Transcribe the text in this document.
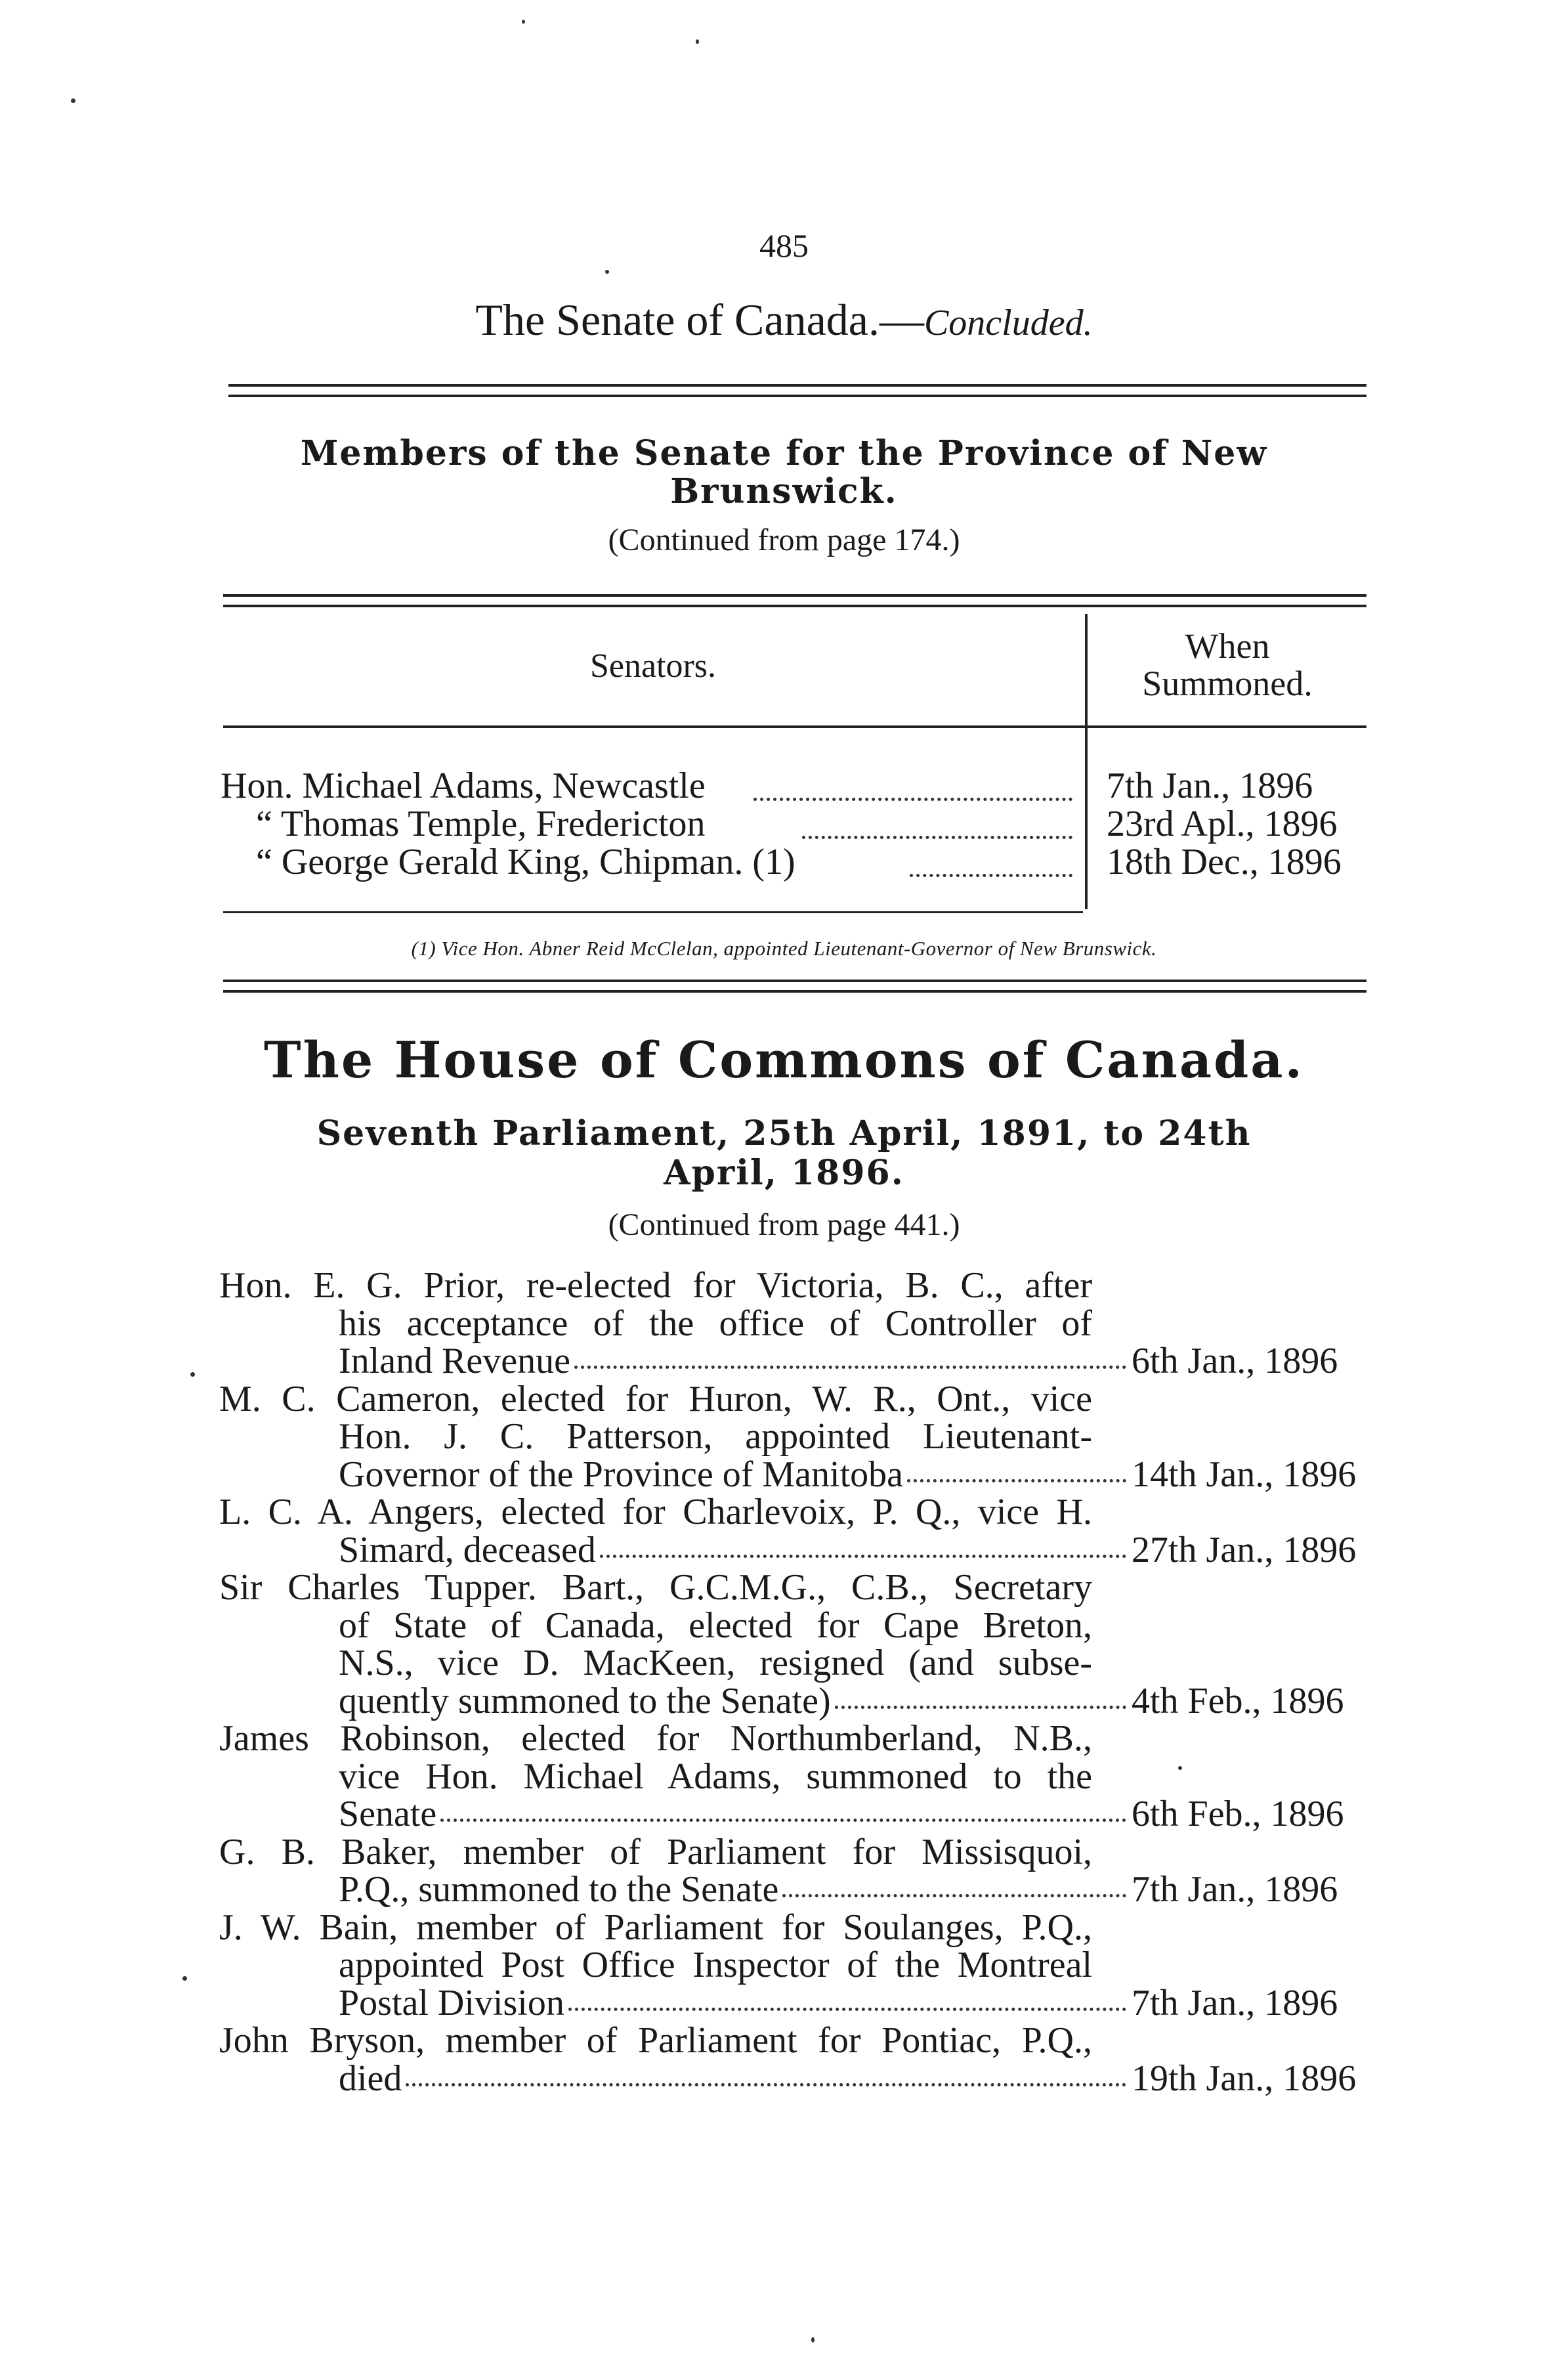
485
The Senate of Canada.—Concluded.
Members of the Senate for the Province of New
Brunswick.
(Continued from page 174.)
Senators.
When
Summoned.
Hon. Michael Adams, Newcastle	7th Jan., 1896
“ Thomas Temple, Fredericton	23rd Apl., 1896
“ George Gerald King, Chipman. (1)	18th Dec., 1896
(1) Vice Hon. Abner Reid McClelan, appointed Lieutenant-Governor of New Brunswick.
The House of Commons of Canada.
Seventh Parliament, 25th April, 1891, to 24th
April, 1896.
(Continued from page 441.)
Hon. E. G. Prior, re-elected for Victoria, B. C., after
his acceptance of the office of Controller of
Inland Revenue	6th Jan., 1896
M. C. Cameron, elected for Huron, W. R., Ont., vice
Hon. J. C. Patterson, appointed Lieutenant-
Governor of the Province of Manitoba	14th Jan., 1896
L. C. A. Angers, elected for Charlevoix, P. Q., vice H.
Simard, deceased	27th Jan., 1896
Sir Charles Tupper. Bart., G.C.M.G., C.B., Secretary
of State of Canada, elected for Cape Breton,
N.S., vice D. MacKeen, resigned (and subse-
quently summoned to the Senate)	4th Feb., 1896
James Robinson, elected for Northumberland, N.B.,
vice Hon. Michael Adams, summoned to the
Senate	6th Feb., 1896
G. B. Baker, member of Parliament for Missisquoi,
P.Q., summoned to the Senate	7th Jan., 1896
J. W. Bain, member of Parliament for Soulanges, P.Q.,
appointed Post Office Inspector of the Montreal
Postal Division	7th Jan., 1896
John Bryson, member of Parliament for Pontiac, P.Q.,
died	19th Jan., 1896
